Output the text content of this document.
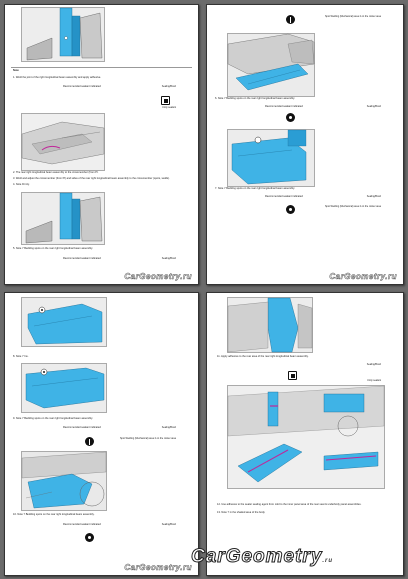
Note
1. Weld the joint of the right longitudinal beam assembly and apply adhesive.
Recommended sealant indicated	Sealing/Bond
Unity sealant
2. The rear right longitudinal beam assembly to the crossmember (from Pl.
3. Weld and adjust the crossmember (from Pl) and sides of the rear right longitudinal beam assembly to the crossmember (spots, welds).
4. Note Firmly.
5. Note 7 Bedding spots on the rear right longitudinal beam assembly.
Recommended sealant indicated	Sealing/Bond
CarGeometry.ru
Spot Welding (Mechanical) area 2 on the rocker area
6. Note 7 Bedding spots on the rear right longitudinal beam assembly.
Recommended sealant indicated	Sealing/Bond
7. Note 7 Bedding spots on the rear right longitudinal beam assembly.
Recommended sealant indicated	Sealing/Bond
Spot Welding (Mechanical) area 2 on the rocker area
CarGeometry.ru
8. Note 7 Ins.
9. Note 7 Bedding spots on the rear right longitudinal beam assembly.
Recommended sealant indicated	Sealing/Bond
Spot Welding (Mechanical) area 2 on the rocker area
10. Note 7 Bedding spots on the rear right longitudinal beam assembly.
Recommended sealant indicated	Sealing/Bond
CarGeometry.ru
11. Apply adhesive to the rear area of the rear right longitudinal beam assembly.
Sealing/Bond
Unity sealant
12. Use adhesive to the sealer sealing agent from cold to the inner panel area of the rear seat & underbody panel assemblies.
13. Note 7 in the shaded area of the body.
CarGeometry.ru
